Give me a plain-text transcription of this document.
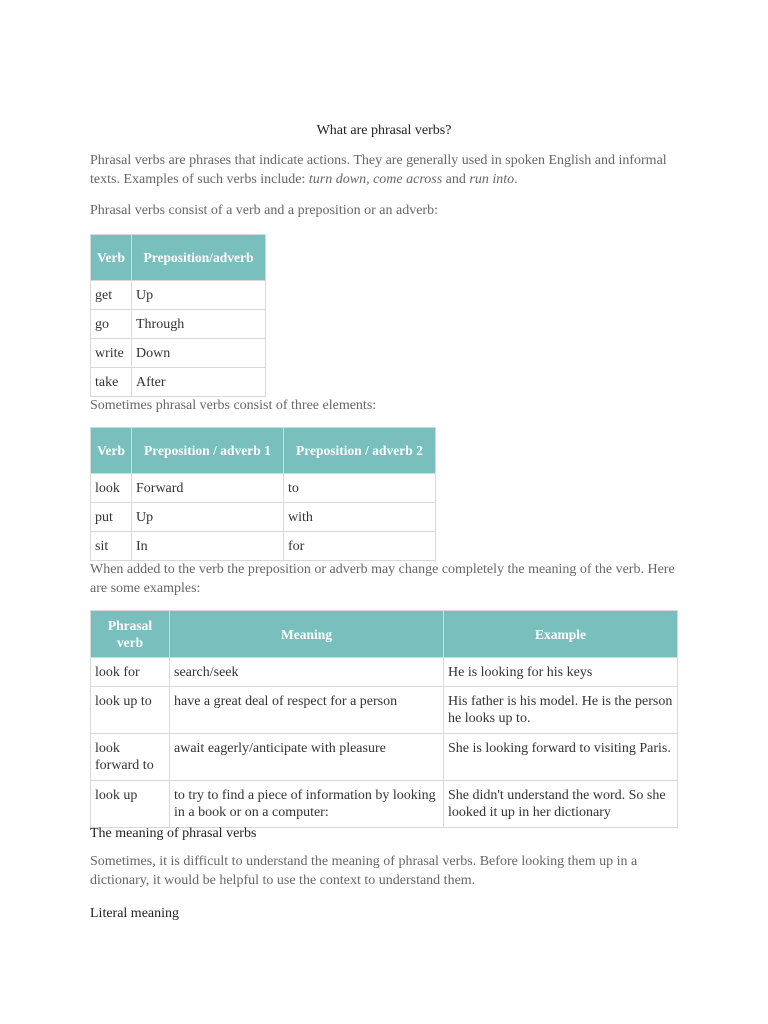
What are phrasal verbs?

Phrasal verbs are phrases that indicate actions. They are generally used in spoken English and informal texts. Examples of such verbs include: turn down, come across and run into.

Phrasal verbs consist of a verb and a preposition or an adverb:

Verb	Preposition/adverb
get	Up
go	Through
write	Down
take	After

Sometimes phrasal verbs consist of three elements:

Verb	Preposition / adverb 1	Preposition / adverb 2
look	Forward	to
put	Up	with
sit	In	for

When added to the verb the preposition or adverb may change completely the meaning of the verb. Here are some examples:

Phrasal verb	Meaning	Example
look for	search/seek	He is looking for his keys
look up to	have a great deal of respect for a person	His father is his model. He is the person he looks up to.
look forward to	await eagerly/anticipate with pleasure	She is looking forward to visiting Paris.
look up	to try to find a piece of information by looking in a book or on a computer:	She didn't understand the word. So she looked it up in her dictionary
The meaning of phrasal verbs

Sometimes, it is difficult to understand the meaning of phrasal verbs. Before looking them up in a dictionary, it would be helpful to use the context to understand them.

Literal meaning
